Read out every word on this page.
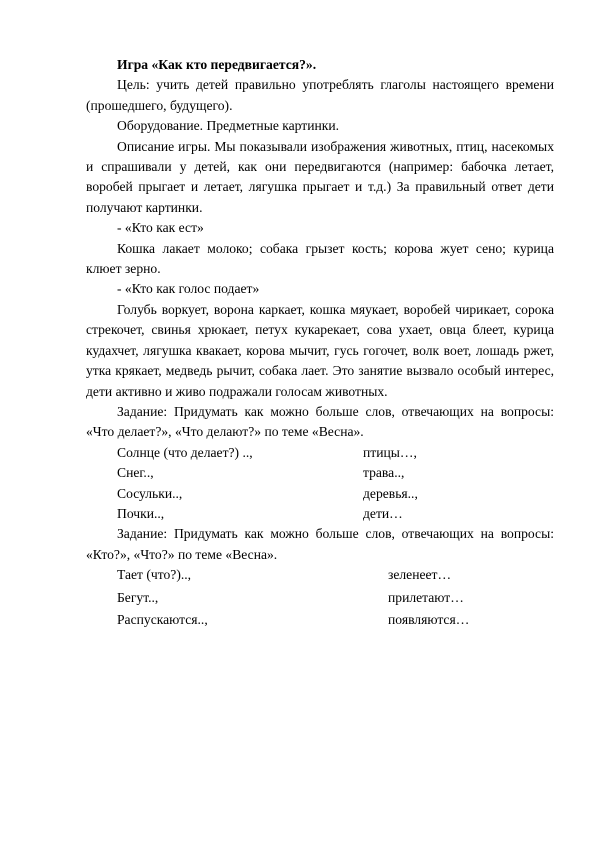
Игра «Как кто передвигается?».

Цель: учить детей правильно употреблять глаголы настоящего времени (прошедшего, будущего).

Оборудование. Предметные картинки.

Описание игры. Мы показывали изображения животных, птиц, насекомых и спрашивали у детей, как они передвигаются (например: бабочка летает, воробей прыгает и летает, лягушка прыгает и т.д.) За правильный ответ дети получают картинки.

- «Кто как ест»

Кошка лакает молоко; собака грызет кость; корова жует сено; курица клюет зерно.

- «Кто как голос подает»

Голубь воркует, ворона каркает, кошка мяукает, воробей чирикает, сорока стрекочет, свинья хрюкает, петух кукарекает, сова ухает, овца блеет, курица кудахчет, лягушка квакает, корова мычит, гусь гогочет, волк воет, лошадь ржет, утка крякает, медведь рычит, собака лает. Это занятие вызвало особый интерес, дети активно и живо подражали голосам животных.

Задание: Придумать как можно больше слов, отвечающих на вопросы: «Что делает?», «Что делают?» по теме «Весна».

Солнце (что делает?) ..,	птицы…,
Снег..,	трава..,
Сосульки..,	деревья..,
Почки..,	дети…

Задание: Придумать как можно больше слов, отвечающих на вопросы: «Кто?», «Что?» по теме «Весна».

Тает (что?)..,	зеленеет…
Бегут..,	прилетают…
Распускаются..,	появляются…
